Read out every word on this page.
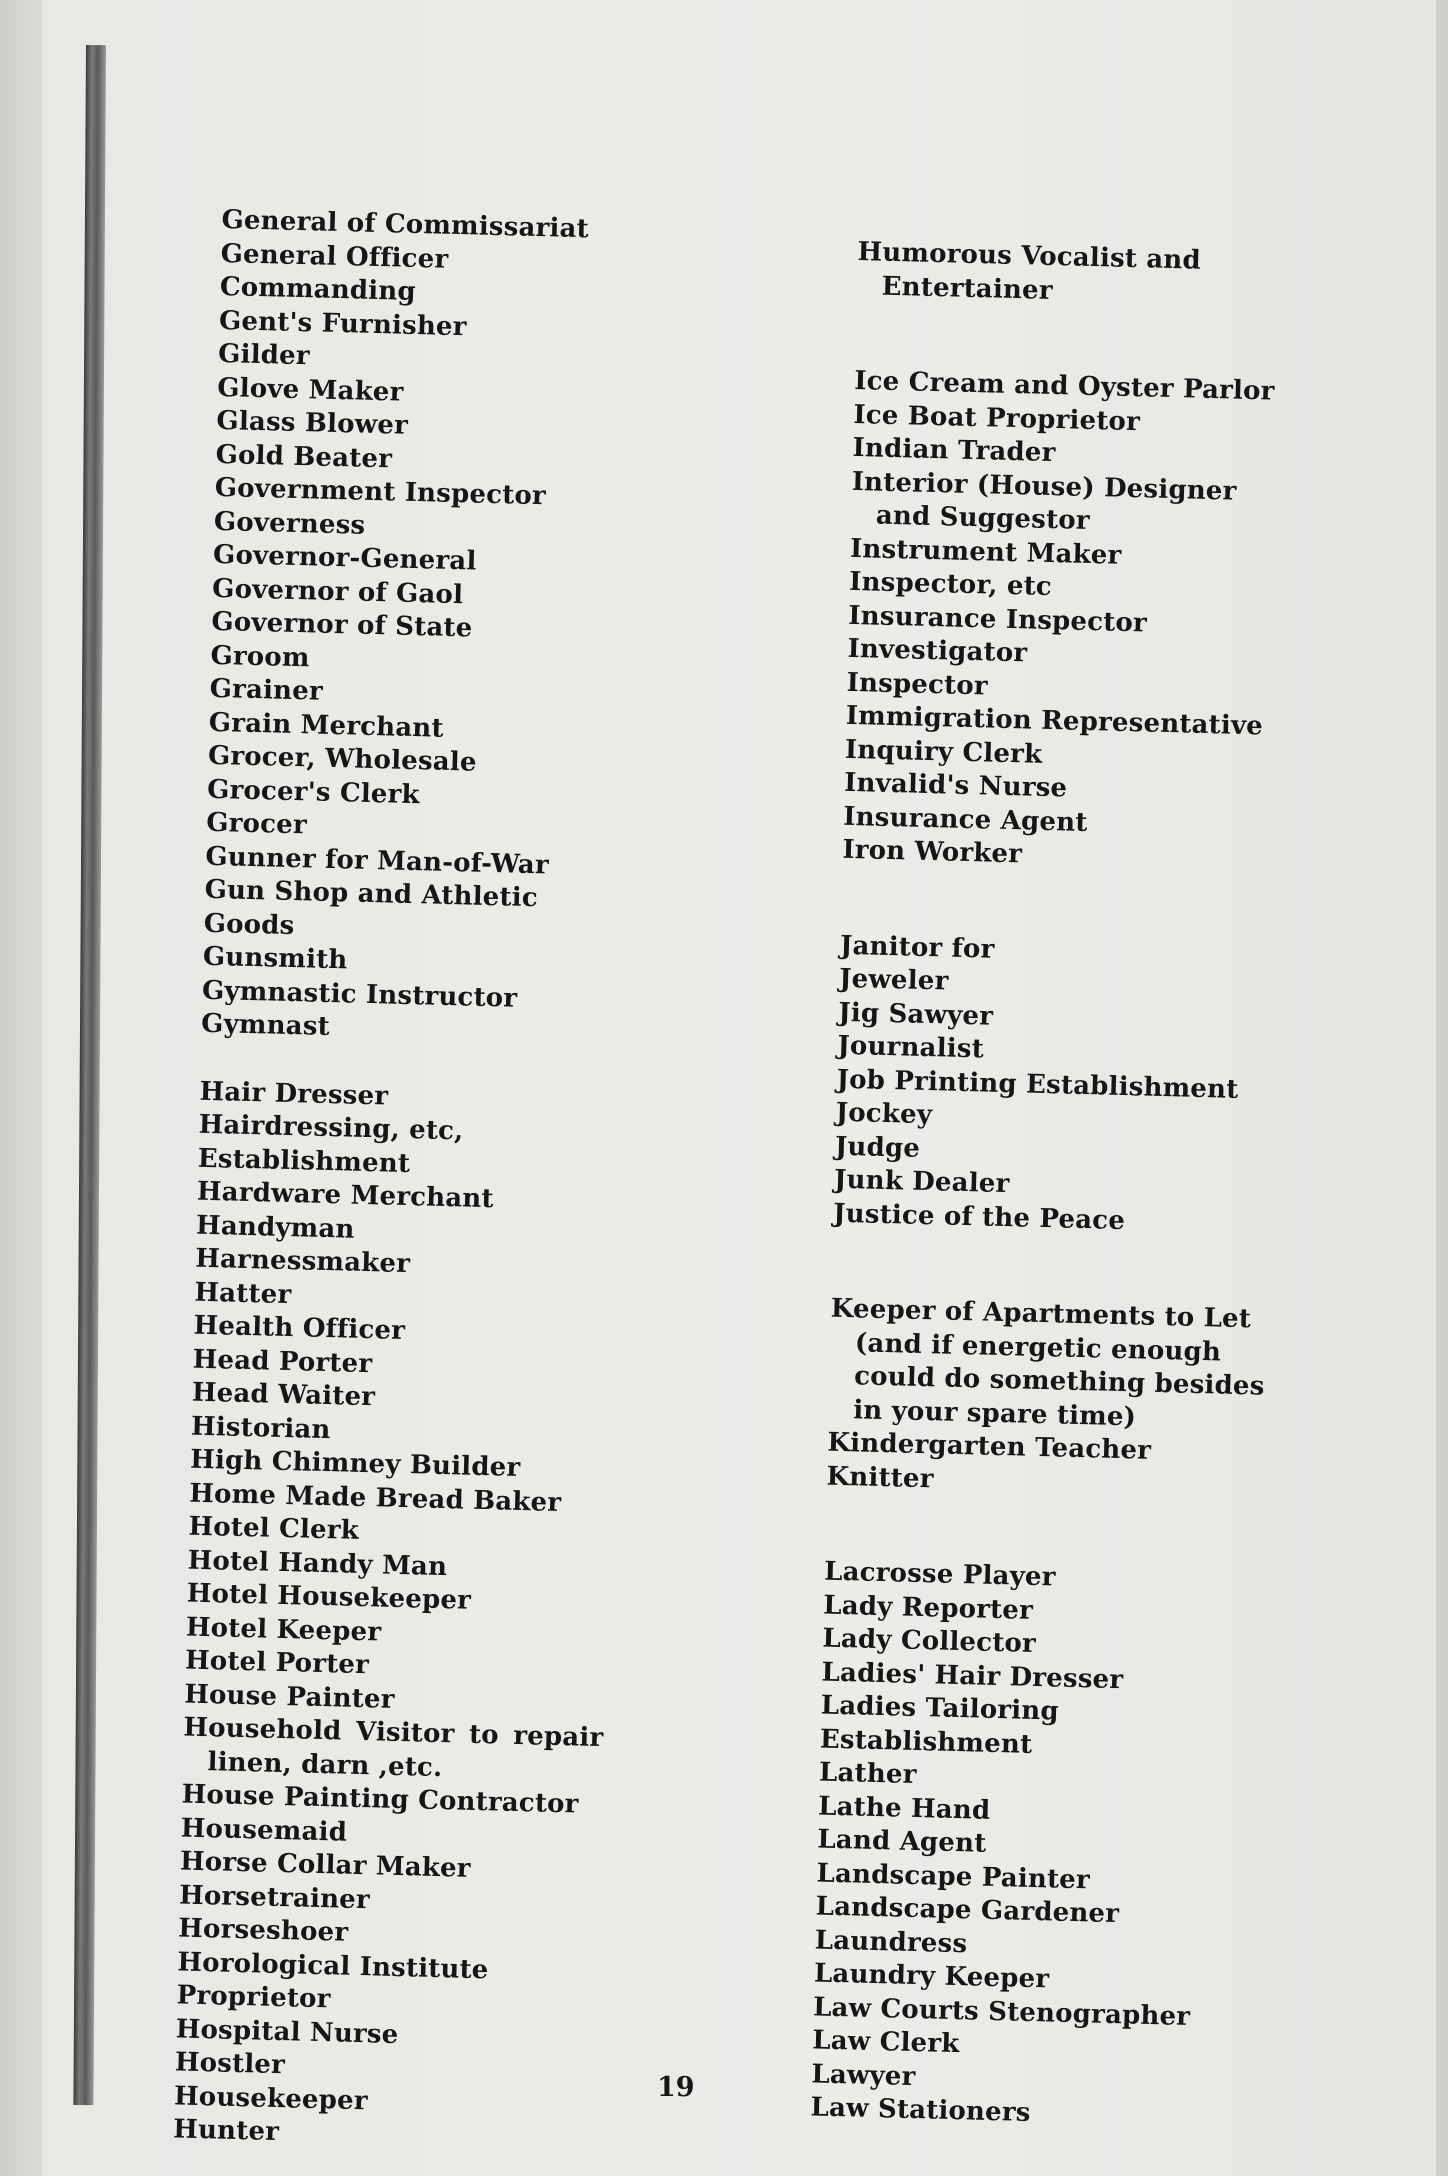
General of Commissariat
General Officer Commanding
Gent's Furnisher
Gilder
Glove Maker
Glass Blower
Gold Beater
Government Inspector
Governess
Governor-General
Governor of Gaol
Governor of State
Groom
Grainer
Grain Merchant
Grocer, Wholesale
Grocer's Clerk
Grocer
Gunner for Man-of-War
Gun Shop and Athletic Goods
Gunsmith
Gymnastic Instructor
Gymnast
Hair Dresser
Hairdressing, etc, Establishment
Hardware Merchant
Handyman
Harnessmaker
Hatter
Health Officer
Head Porter
Head Waiter
Historian
High Chimney Builder
Home Made Bread Baker
Hotel Clerk
Hotel Handy Man
Hotel Housekeeper
Hotel Keeper
Hotel Porter
House Painter
Household Visitor to repair linen, darn ,etc.
House Painting Contractor
Housemaid
Horse Collar Maker
Horsetrainer
Horseshoer
Horological Institute Proprietor
Hospital Nurse
Hostler
Housekeeper
Hunter
Humorous Vocalist and Entertainer
Ice Cream and Oyster Parlor
Ice Boat Proprietor
Indian Trader
Interior (House) Designer and Suggestor
Instrument Maker
Inspector, etc
Insurance Inspector
Investigator
Inspector
Immigration Representative
Inquiry Clerk
Invalid's Nurse
Insurance Agent
Iron Worker
Janitor for
Jeweler
Jig Sawyer
Journalist
Job Printing Establishment
Jockey
Judge
Junk Dealer
Justice of the Peace
Keeper of Apartments to Let (and if energetic enough could do something besides in your spare time)
Kindergarten Teacher
Knitter
Lacrosse Player
Lady Reporter
Lady Collector
Ladies' Hair Dresser
Ladies Tailoring Establishment
Lather
Lathe Hand
Land Agent
Landscape Painter
Landscape Gardener
Laundress
Laundry Keeper
Law Courts Stenographer
Law Clerk
Lawyer
Law Stationers
19
